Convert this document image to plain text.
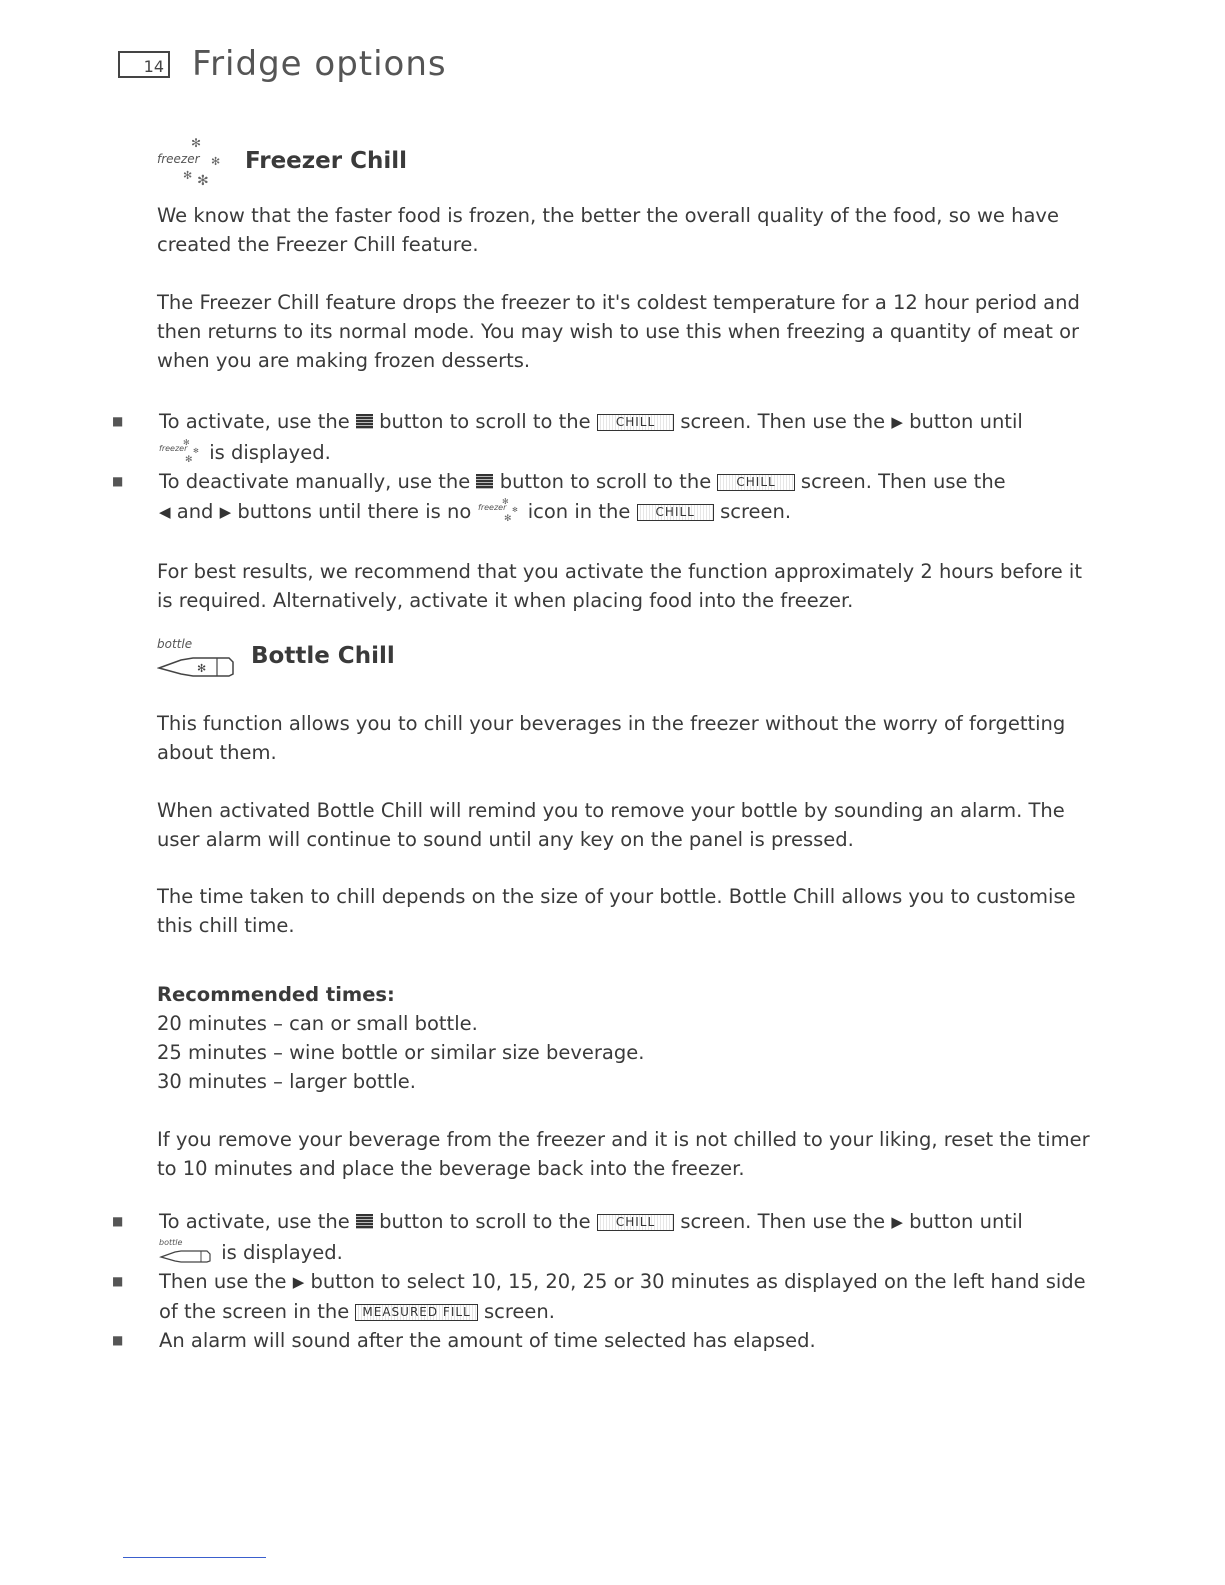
14 Fridge options
freezer
✻
✻
✻ ✻
Freezer Chill

We know that the faster food is frozen, the better the overall quality of the food, so we have created the Freezer Chill feature.

The Freezer Chill feature drops the freezer to it's coldest temperature for a 12 hour period and then returns to its normal mode. You may wish to use this when freezing a quantity of meat or when you are making frozen desserts.

■	To activate, use the button to scroll to the CHILL screen. Then use the ▶ button until

freezer
✻
✻
✻ is displayed.
■	To deactivate manually, use the button to scroll to the CHILL screen. Then use the
◀ and ▶ buttons until there is no freezer
✻
✻
✻ icon in the CHILL screen.

For best results, we recommend that you activate the function approximately 2 hours before it is required. Alternatively, activate it when placing food into the freezer.

bottle
✻ Bottle Chill

This function allows you to chill your beverages in the freezer without the worry of forgetting about them.

When activated Bottle Chill will remind you to remove your bottle by sounding an alarm. The user alarm will continue to sound until any key on the panel is pressed.

The time taken to chill depends on the size of your bottle. Bottle Chill allows you to customise this chill time.

Recommended times:

20 minutes – can or small bottle.

25 minutes – wine bottle or similar size beverage.

30 minutes – larger bottle.

If you remove your beverage from the freezer and it is not chilled to your liking, reset the timer to 10 minutes and place the beverage back into the freezer.

■	To activate, use the button to scroll to the CHILL screen. Then use the ▶ button until

bottle is displayed.
■	Then use the ▶ button to select 10, 15, 20, 25 or 30 minutes as displayed on the left hand side of the screen in the MEASURED FILL screen.
■	An alarm will sound after the amount of time selected has elapsed.
